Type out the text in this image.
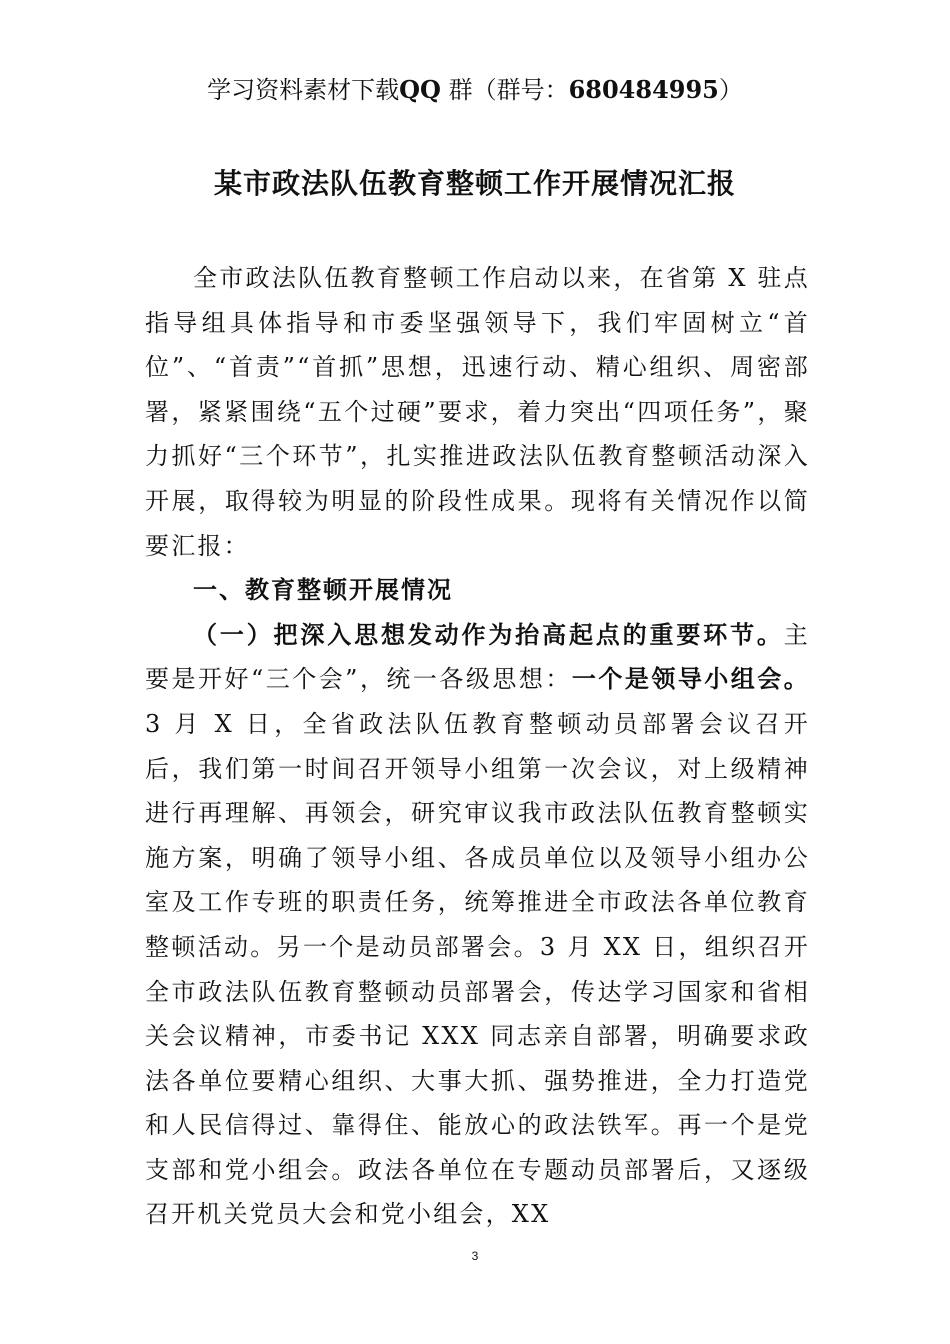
学习资料素材下载QQ 群（群号：680484995）
某市政法队伍教育整顿工作开展情况汇报

全市政法队伍教育整顿工作启动以来，在省第 X 驻点指导组具体指导和市委坚强领导下，我们牢固树立“首位”、“首责”“首抓”思想，迅速行动、精心组织、周密部署，紧紧围绕“五个过硬”要求，着力突出“四项任务”，聚力抓好“三个环节”，扎实推进政法队伍教育整顿活动深入开展，取得较为明显的阶段性成果。现将有关情况作以简要汇报：

一、教育整顿开展情况

（一）把深入思想发动作为抬高起点的重要环节。主要是开好“三个会”，统一各级思想：一个是领导小组会。3 月 X 日，全省政法队伍教育整顿动员部署会议召开后，我们第一时间召开领导小组第一次会议，对上级精神进行再理解、再领会，研究审议我市政法队伍教育整顿实施方案，明确了领导小组、各成员单位以及领导小组办公室及工作专班的职责任务，统筹推进全市政法各单位教育整顿活动。另一个是动员部署会。3 月 XX 日，组织召开全市政法队伍教育整顿动员部署会，传达学习国家和省相关会议精神，市委书记 XXX 同志亲自部署，明确要求政法各单位要精心组织、大事大抓、强势推进，全力打造党和人民信得过、靠得住、能放心的政法铁军。再一个是党支部和党小组会。政法各单位在专题动员部署后，又逐级召开机关党员大会和党小组会，XX

3
